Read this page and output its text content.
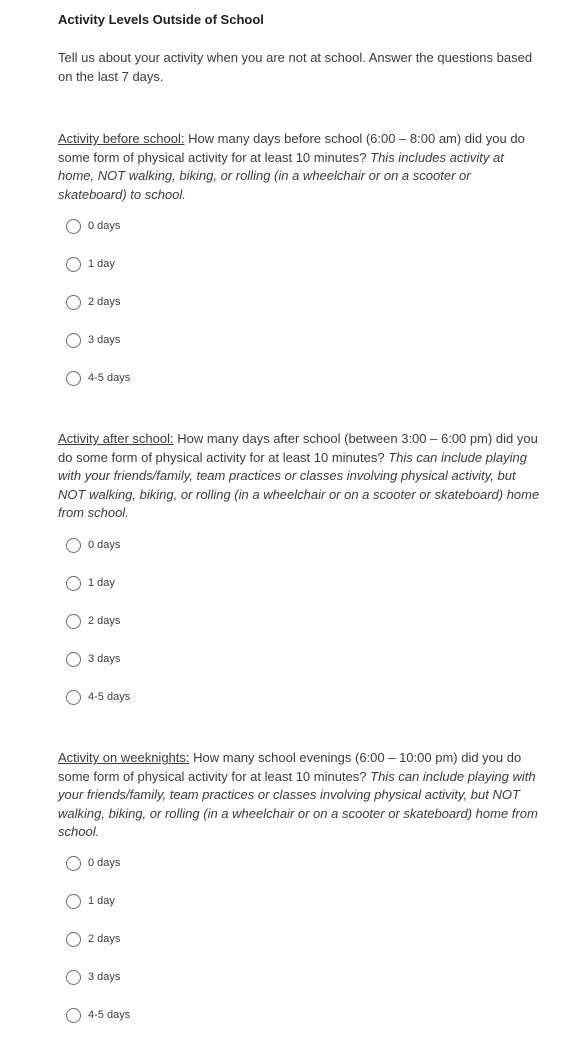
Activity Levels Outside of School

Tell us about your activity when you are not at school. Answer the questions based on the last 7 days.

Activity before school: How many days before school (6:00 – 8:00 am) did you do some form of physical activity for at least 10 minutes? This includes activity at home, NOT walking, biking, or rolling (in a wheelchair or on a scooter or skateboard) to school.

0 days
1 day
2 days
3 days
4-5 days

Activity after school: How many days after school (between 3:00 – 6:00 pm) did you do some form of physical activity for at least 10 minutes? This can include playing with your friends/family, team practices or classes involving physical activity, but NOT walking, biking, or rolling (in a wheelchair or on a scooter or skateboard) home from school.

0 days
1 day
2 days
3 days
4-5 days

Activity on weeknights: How many school evenings (6:00 – 10:00 pm) did you do some form of physical activity for at least 10 minutes? This can include playing with your friends/family, team practices or classes involving physical activity, but NOT walking, biking, or rolling (in a wheelchair or on a scooter or skateboard) home from school.

0 days
1 day
2 days
3 days
4-5 days
